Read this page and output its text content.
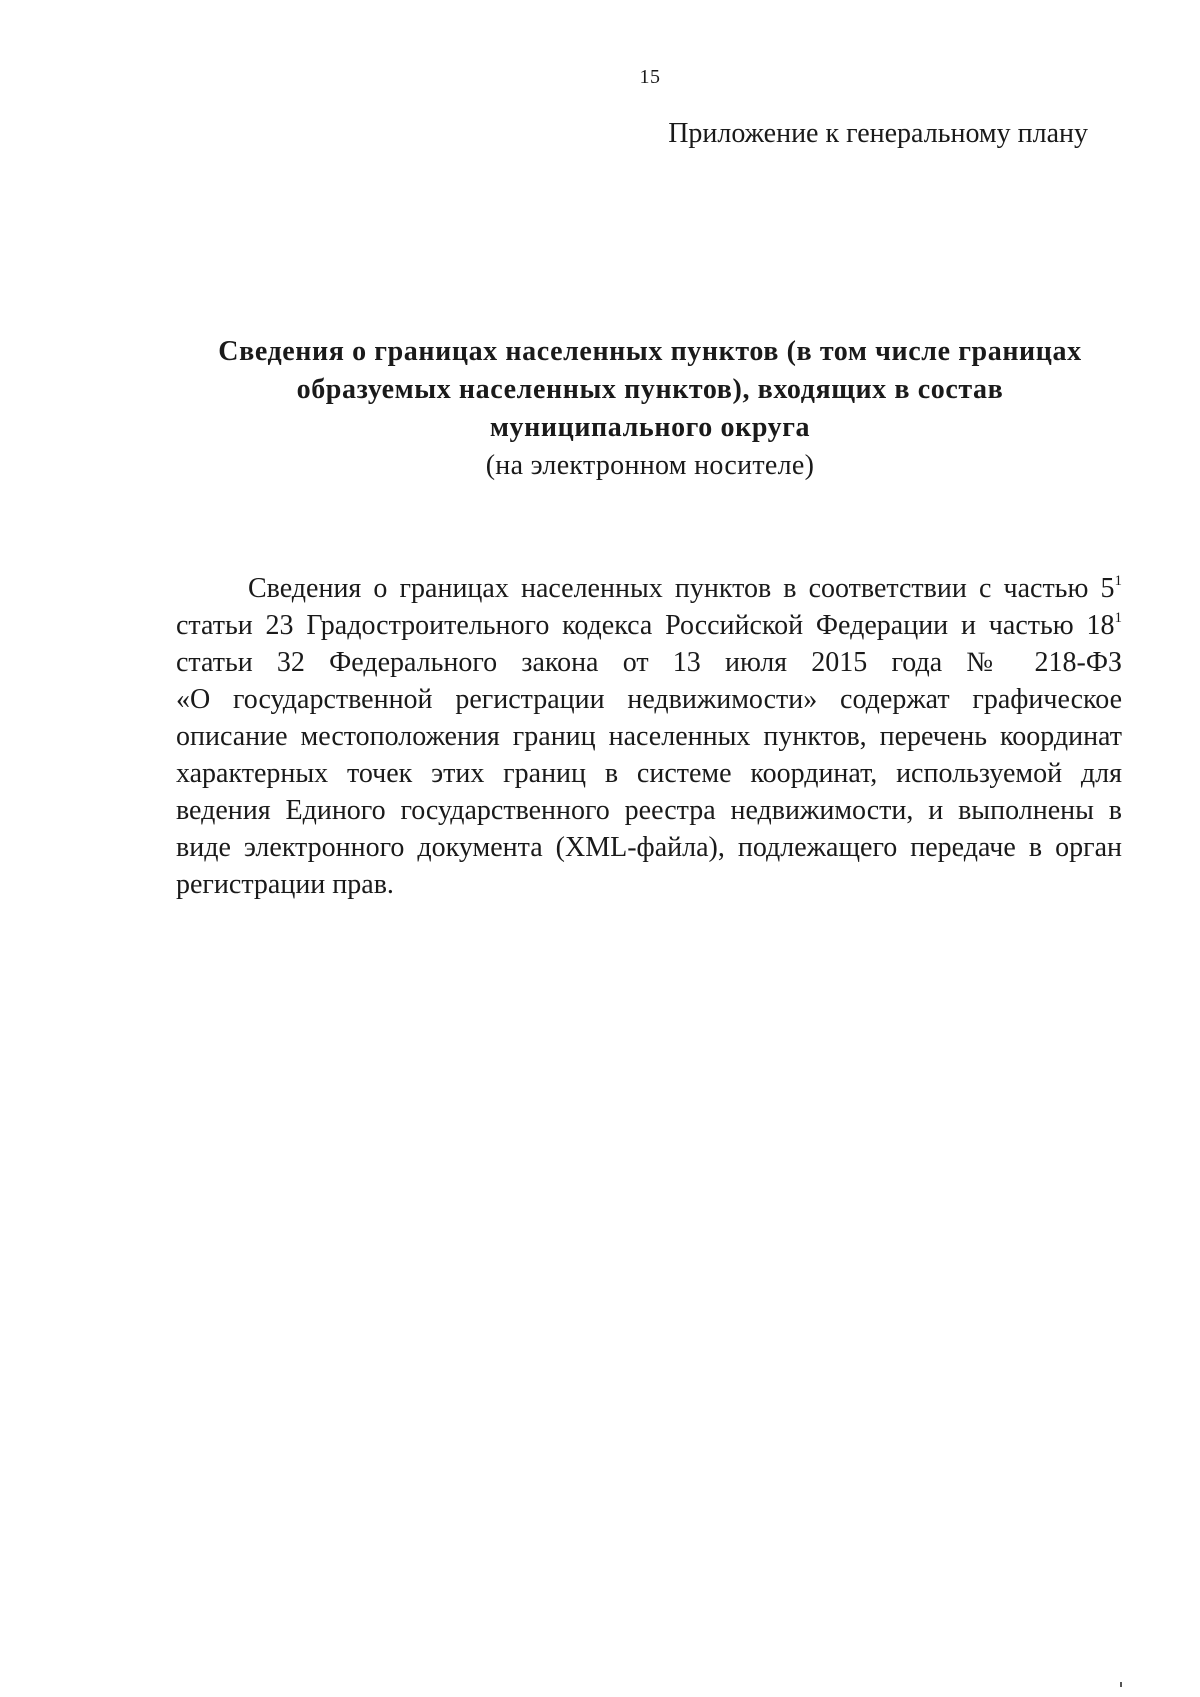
15
Приложение к генеральному плану
Сведения о границах населенных пунктов (в том числе границах
образуемых населенных пунктов), входящих в состав
муниципального округа
(на электронном носителе)
Сведения о границах населенных пунктов в соответствии с частью $5^1$
статьи 23 Градостроительного кодекса Российской Федерации и частью $18^1$
статьи 32 Федерального закона от 13 июля 2015 года № 218-ФЗ
«О государственной регистрации недвижимости» содержат графическое
описание местоположения границ населенных пунктов, перечень координат
характерных точек этих границ в системе координат, используемой для
ведения Единого государственного реестра недвижимости, и выполнены в
виде электронного документа (XML-файла), подлежащего передаче в орган
регистрации прав.
